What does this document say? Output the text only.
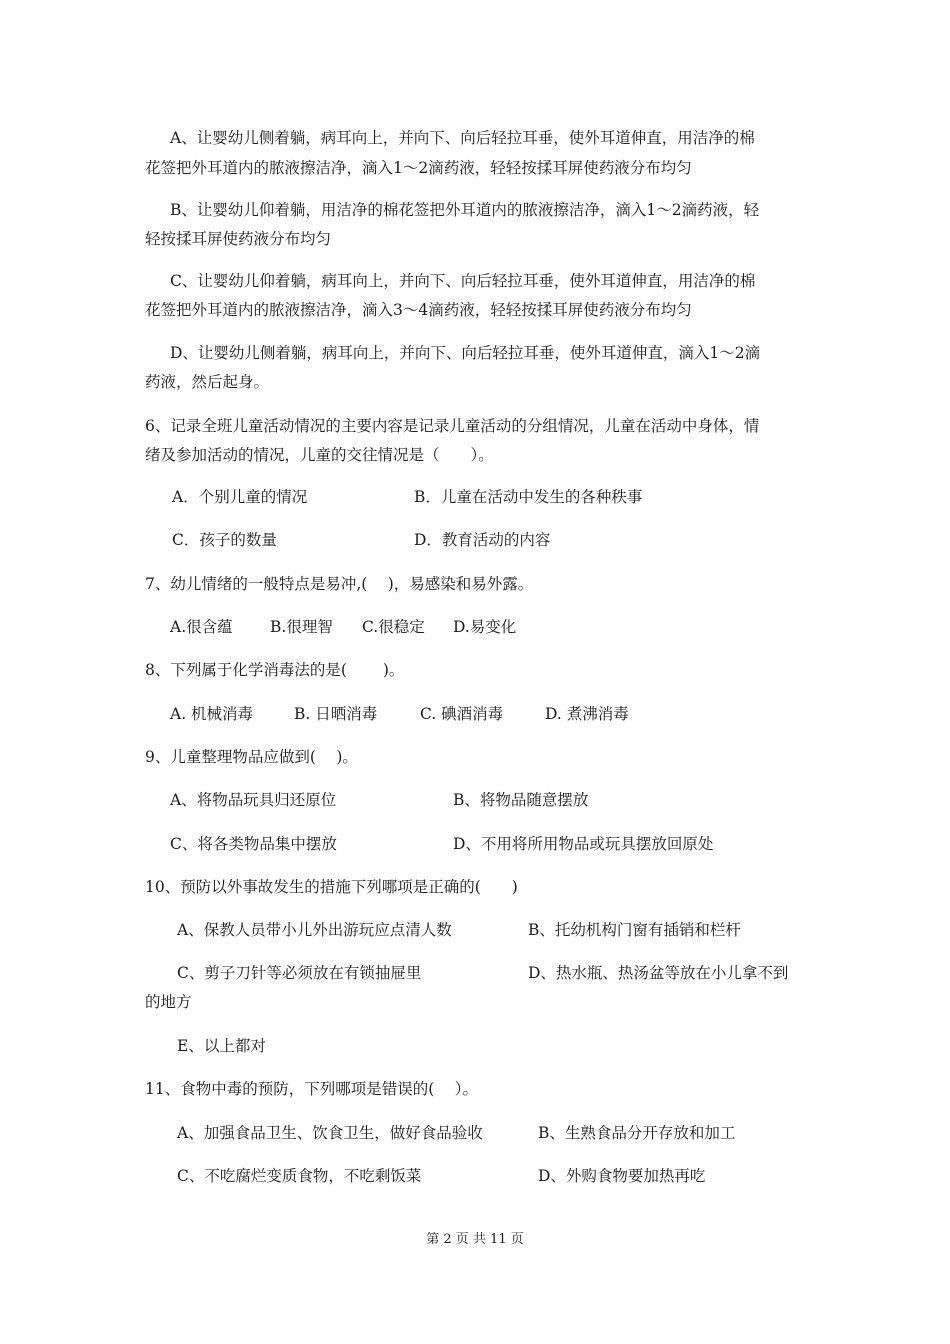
A、让婴幼儿侧着躺，病耳向上，并向下、向后轻拉耳垂，使外耳道伸直，用洁净的棉
花签把外耳道内的脓液擦洁净，滴入1～2滴药液，轻轻按揉耳屏使药液分布均匀
B、让婴幼儿仰着躺，用洁净的棉花签把外耳道内的脓液擦洁净，滴入1～2滴药液，轻
轻按揉耳屏使药液分布均匀
C、让婴幼儿仰着躺，病耳向上，并向下、向后轻拉耳垂，使外耳道伸直，用洁净的棉
花签把外耳道内的脓液擦洁净，滴入3～4滴药液，轻轻按揉耳屏使药液分布均匀
D、让婴幼儿侧着躺，病耳向上，并向下、向后轻拉耳垂，使外耳道伸直，滴入1～2滴
药液，然后起身。
6、记录全班儿童活动情况的主要内容是记录儿童活动的分组情况，儿童在活动中身体，情
绪及参加活动的情况，儿童的交往情况是（　　）。
A．个别儿童的情况	B．儿童在活动中发生的各种秩事
C．孩子的数量	D．教育活动的内容
7、幼儿情绪的一般特点是易冲,(　 )，易感染和易外露。
A.很含蕴 B.很理智 C.很稳定 D.易变化
8、下列属于化学消毒法的是(　　 )。
A. 机械消毒	B. 日晒消毒	C. 碘酒消毒	D. 煮沸消毒
9、儿童整理物品应做到(　 )。
A、将物品玩具归还原位	B、将物品随意摆放
C、将各类物品集中摆放	D、不用将所用物品或玩具摆放回原处
10、预防以外事故发生的措施下列哪项是正确的(　　)
A、保教人员带小儿外出游玩应点清人数	B、托幼机构门窗有插销和栏杆
C、剪子刀针等必须放在有锁抽屉里	D、热水瓶、热汤盆等放在小儿拿不到
的地方
E、以上都对
11、食物中毒的预防，下列哪项是错误的(　 ）。
A、加强食品卫生、饮食卫生，做好食品验收	B、生熟食品分开存放和加工
C、不吃腐烂变质食物，不吃剩饭菜	D、外购食物要加热再吃
第 2 页 共 11 页
